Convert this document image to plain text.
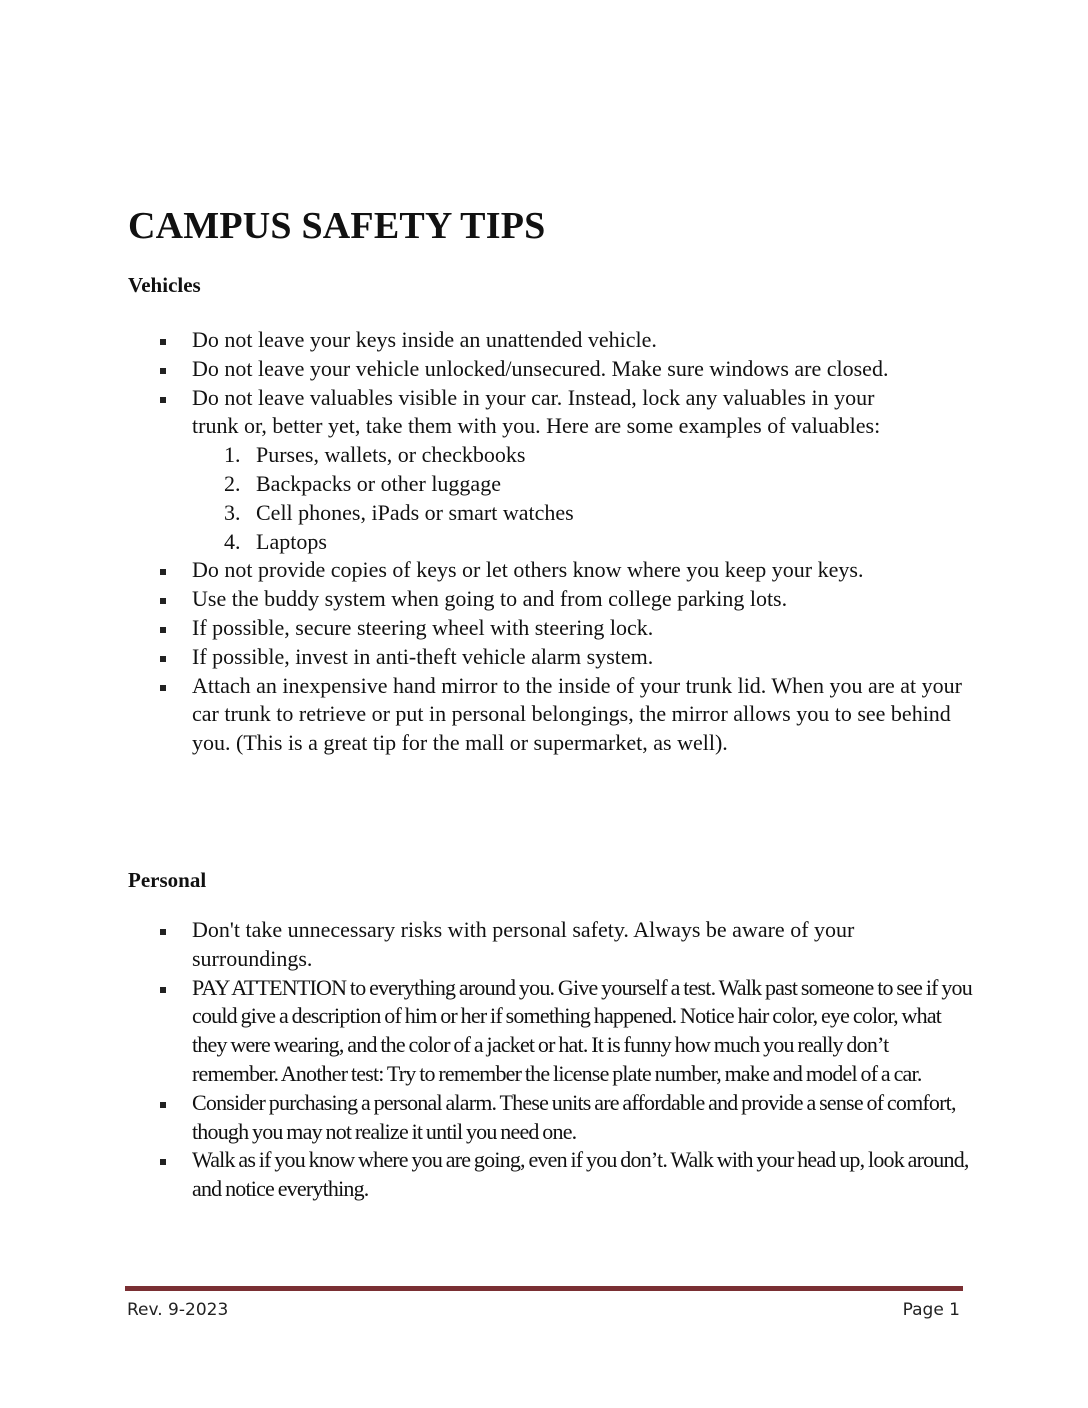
CAMPUS SAFETY TIPS
Vehicles
Do not leave your keys inside an unattended vehicle.
Do not leave your vehicle unlocked/unsecured. Make sure windows are closed.
Do not leave valuables visible in your car. Instead, lock any valuables in your trunk or, better yet, take them with you. Here are some examples of valuables:
1. Purses, wallets, or checkbooks
2. Backpacks or other luggage
3. Cell phones, iPads or smart watches
4. Laptops
Do not provide copies of keys or let others know where you keep your keys.
Use the buddy system when going to and from college parking lots.
If possible, secure steering wheel with steering lock.
If possible, invest in anti-theft vehicle alarm system.
Attach an inexpensive hand mirror to the inside of your trunk lid. When you are at your car trunk to retrieve or put in personal belongings, the mirror allows you to see behind you. (This is a great tip for the mall or supermarket, as well).
Personal
Don't take unnecessary risks with personal safety. Always be aware of your surroundings.
PAY ATTENTION to everything around you. Give yourself a test. Walk past someone to see if you could give a description of him or her if something happened. Notice hair color, eye color, what they were wearing, and the color of a jacket or hat. It is funny how much you really don’t remember. Another test: Try to remember the license plate number, make and model of a car.
Consider purchasing a personal alarm. These units are affordable and provide a sense of comfort, though you may not realize it until you need one.
Walk as if you know where you are going, even if you don’t. Walk with your head up, look around, and notice everything.
Rev. 9-2023	Page 1
